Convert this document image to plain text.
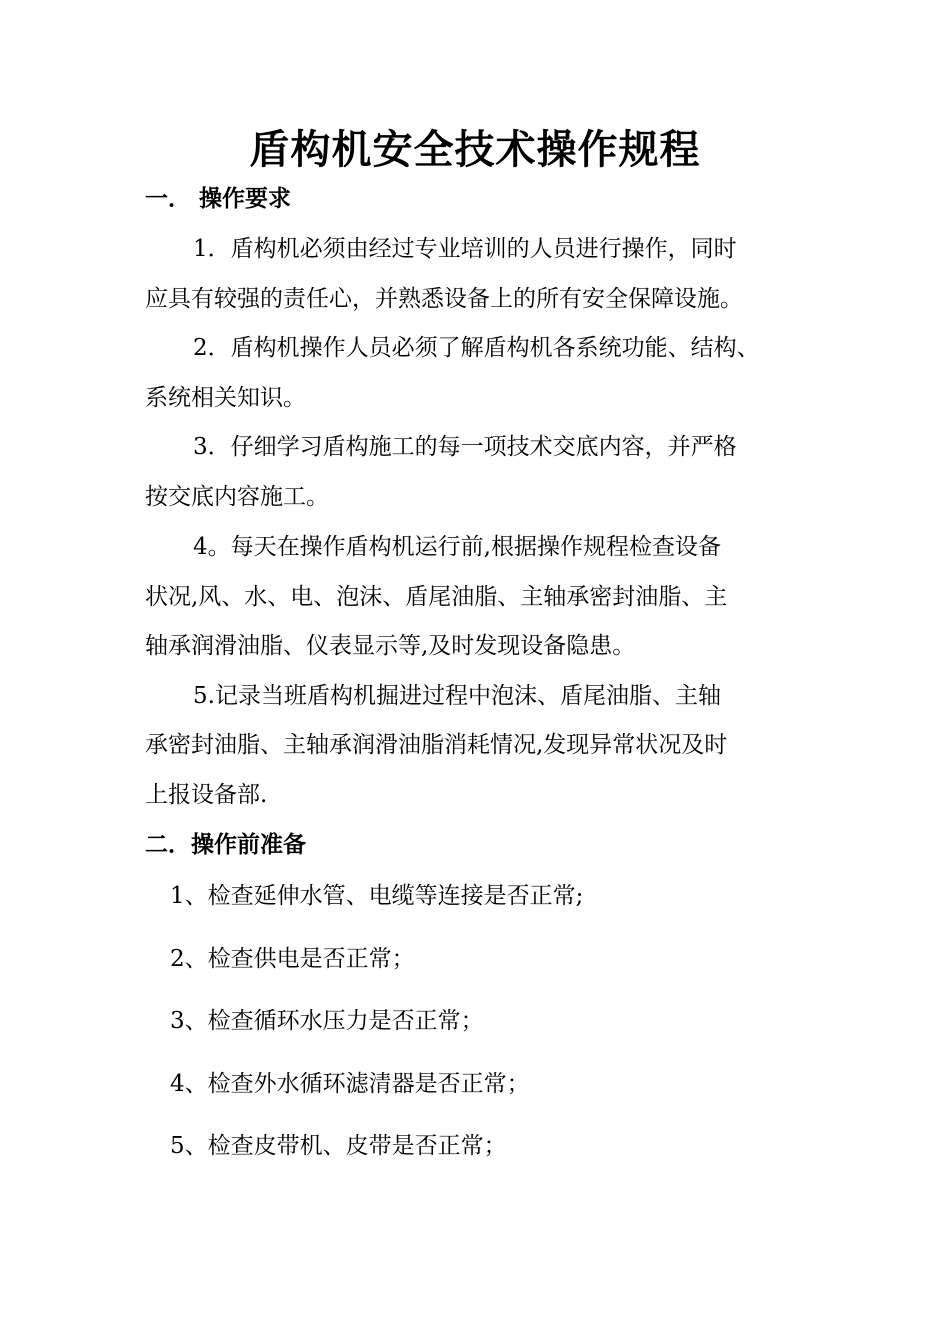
盾构机安全技术操作规程
一． 操作要求
1．盾构机必须由经过专业培训的人员进行操作，同时
应具有较强的责任心，并熟悉设备上的所有安全保障设施。
2．盾构机操作人员必须了解盾构机各系统功能、结构、
系统相关知识。
3．仔细学习盾构施工的每一项技术交底内容，并严格
按交底内容施工。
4。每天在操作盾构机运行前,根据操作规程检查设备
状况,风、水、电、泡沫、盾尾油脂、主轴承密封油脂、主
轴承润滑油脂、仪表显示等,及时发现设备隐患。
5.记录当班盾构机掘进过程中泡沫、盾尾油脂、主轴
承密封油脂、主轴承润滑油脂消耗情况,发现异常状况及时
上报设备部.
二．操作前准备
1、检查延伸水管、电缆等连接是否正常;
2、检查供电是否正常；
3、检查循环水压力是否正常；
4、检查外水循环滤清器是否正常；
5、检查皮带机、皮带是否正常；
